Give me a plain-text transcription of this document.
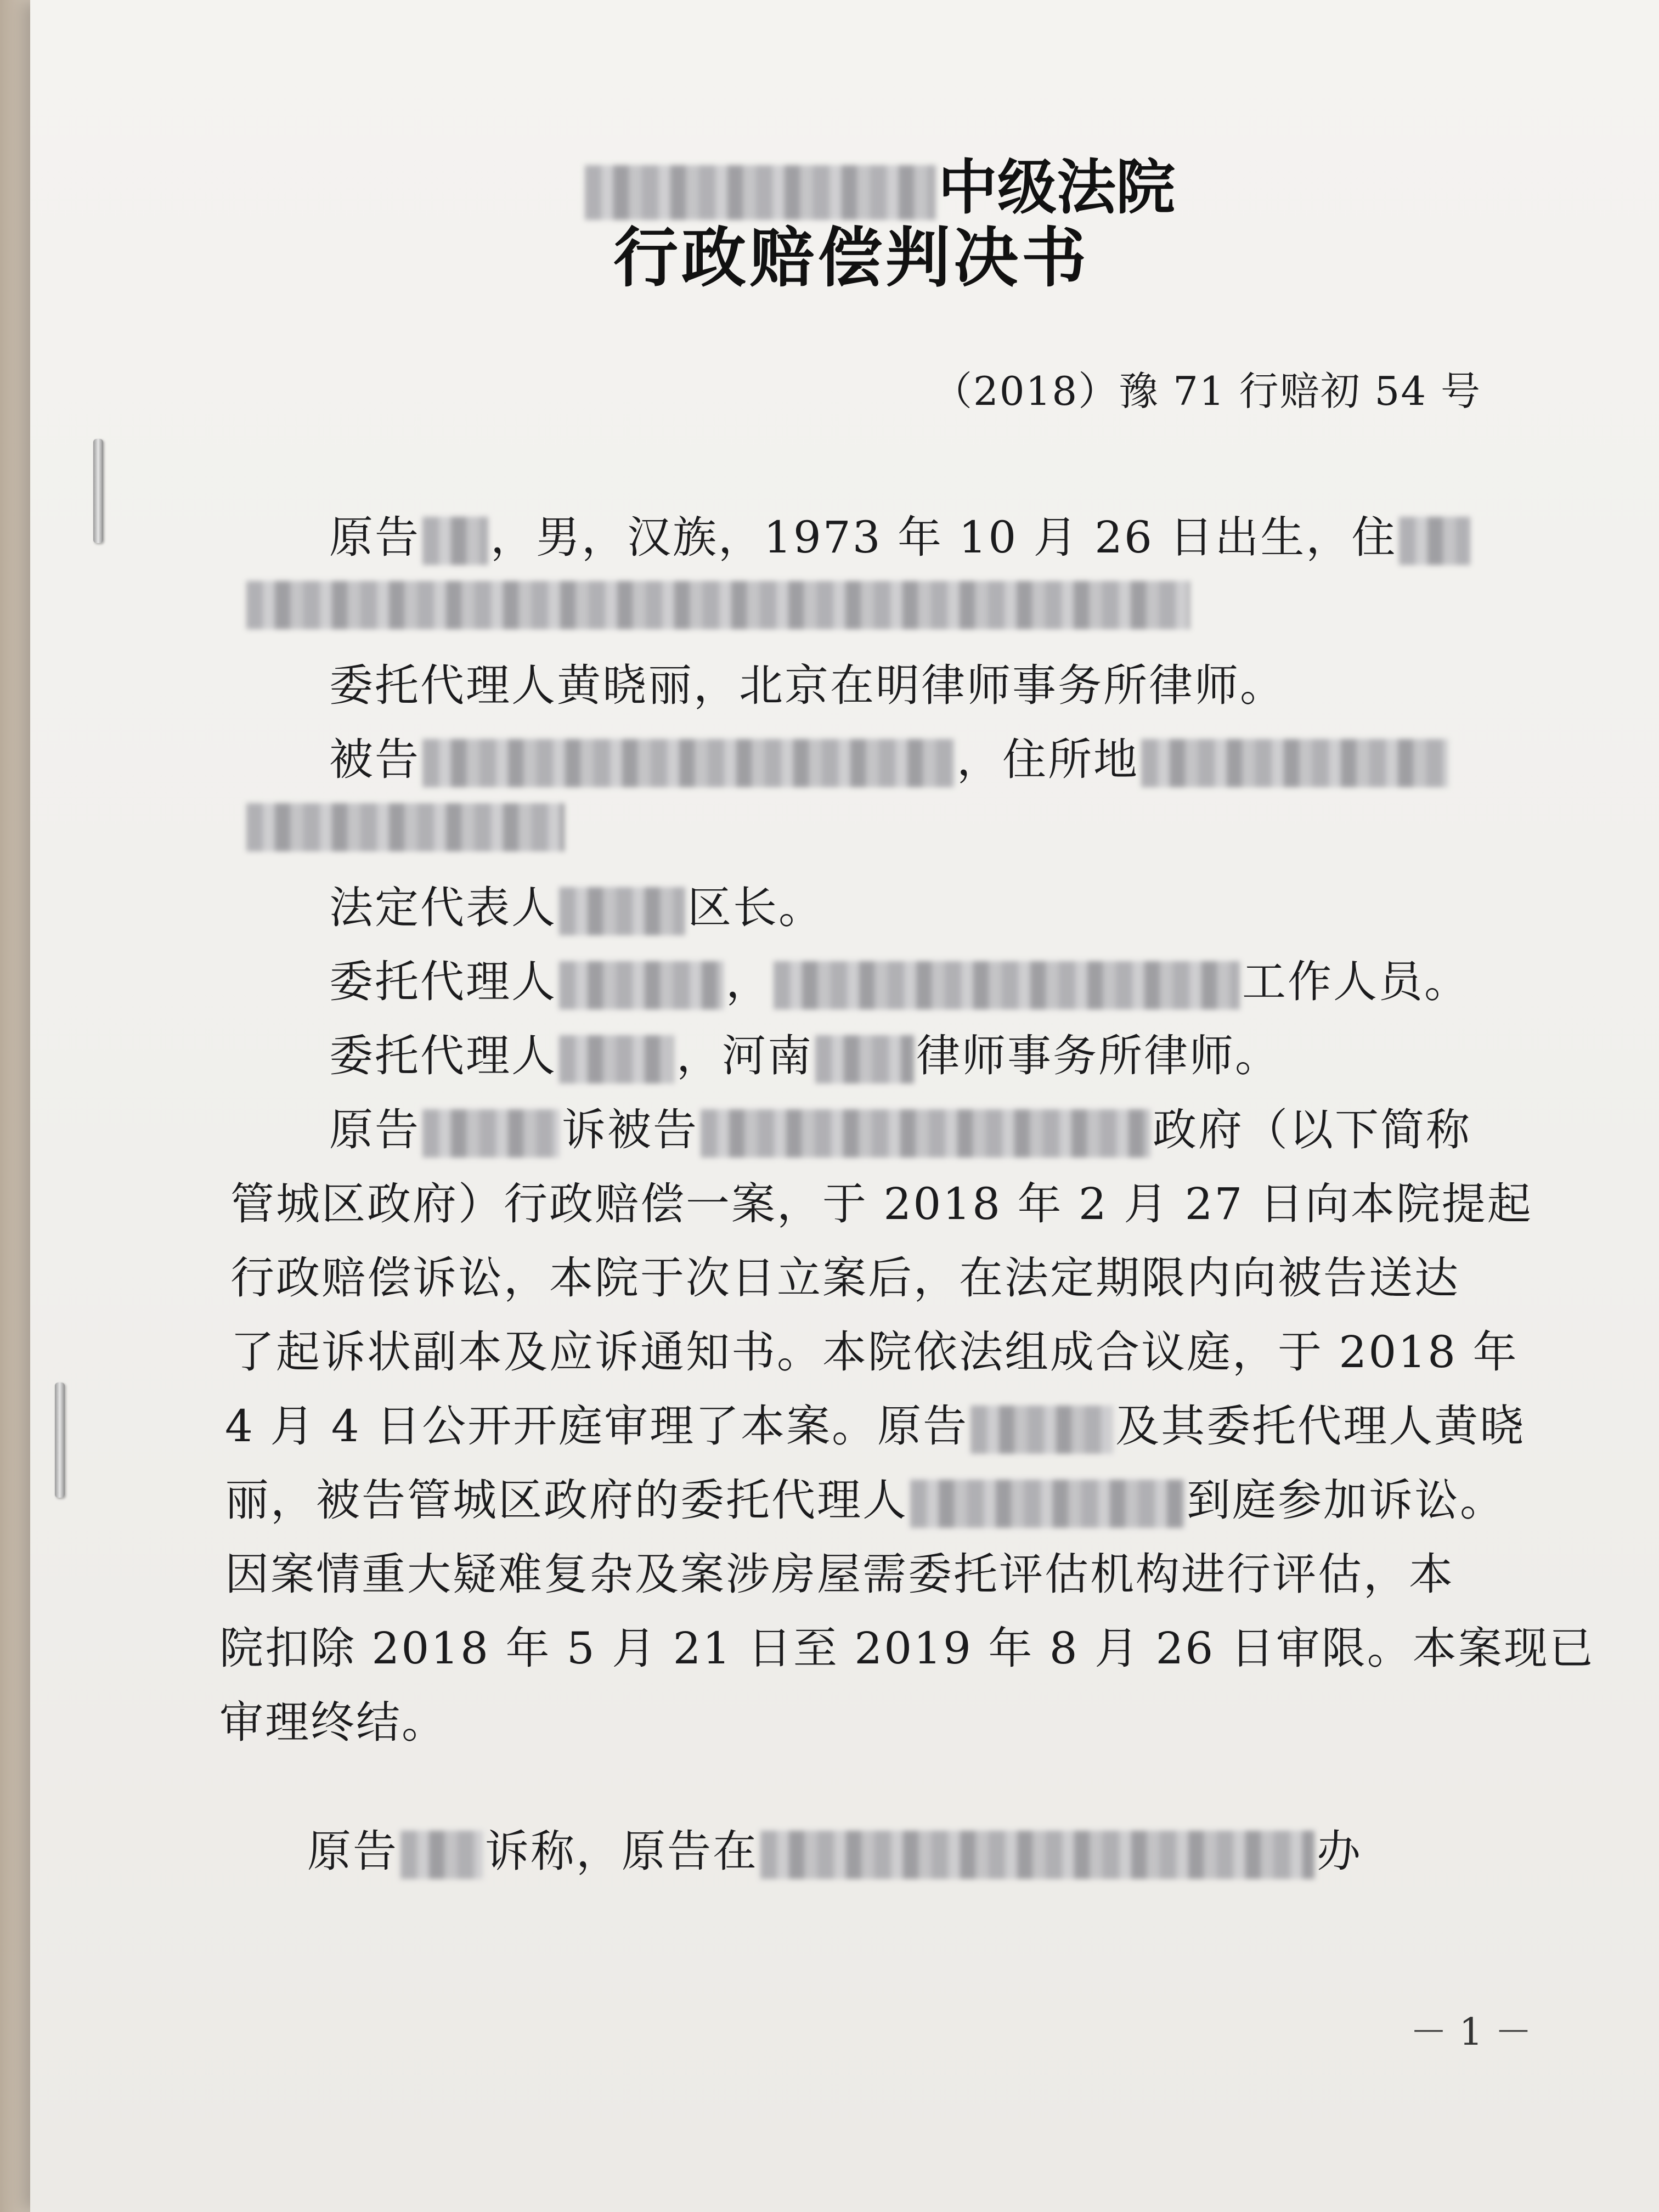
中级法院
行政赔偿判决书
（2018）豫 71 行赔初 54 号
原告 ，男，汉族，1973 年 10 月 26 日出生，住
委托代理人黄晓丽，北京在明律师事务所律师。
被告	，住所地
法定代表人	区长。
委托代理人	，	工作人员。
委托代理人	，河南 律师事务所律师。
原告	诉被告	政府（以下简称
管城区政府）行政赔偿一案，于 2018 年 2 月 27 日向本院提起
行政赔偿诉讼，本院于次日立案后，在法定期限内向被告送达
了起诉状副本及应诉通知书。本院依法组成合议庭，于 2018 年
4 月 4 日公开开庭审理了本案。原告	及其委托代理人黄晓
丽，被告管城区政府的委托代理人	到庭参加诉讼。
因案情重大疑难复杂及案涉房屋需委托评估机构进行评估，本
院扣除 2018 年 5 月 21 日至 2019 年 8 月 26 日审限。本案现已
审理终结。
原告 诉称，原告在	办
－ 1 －
